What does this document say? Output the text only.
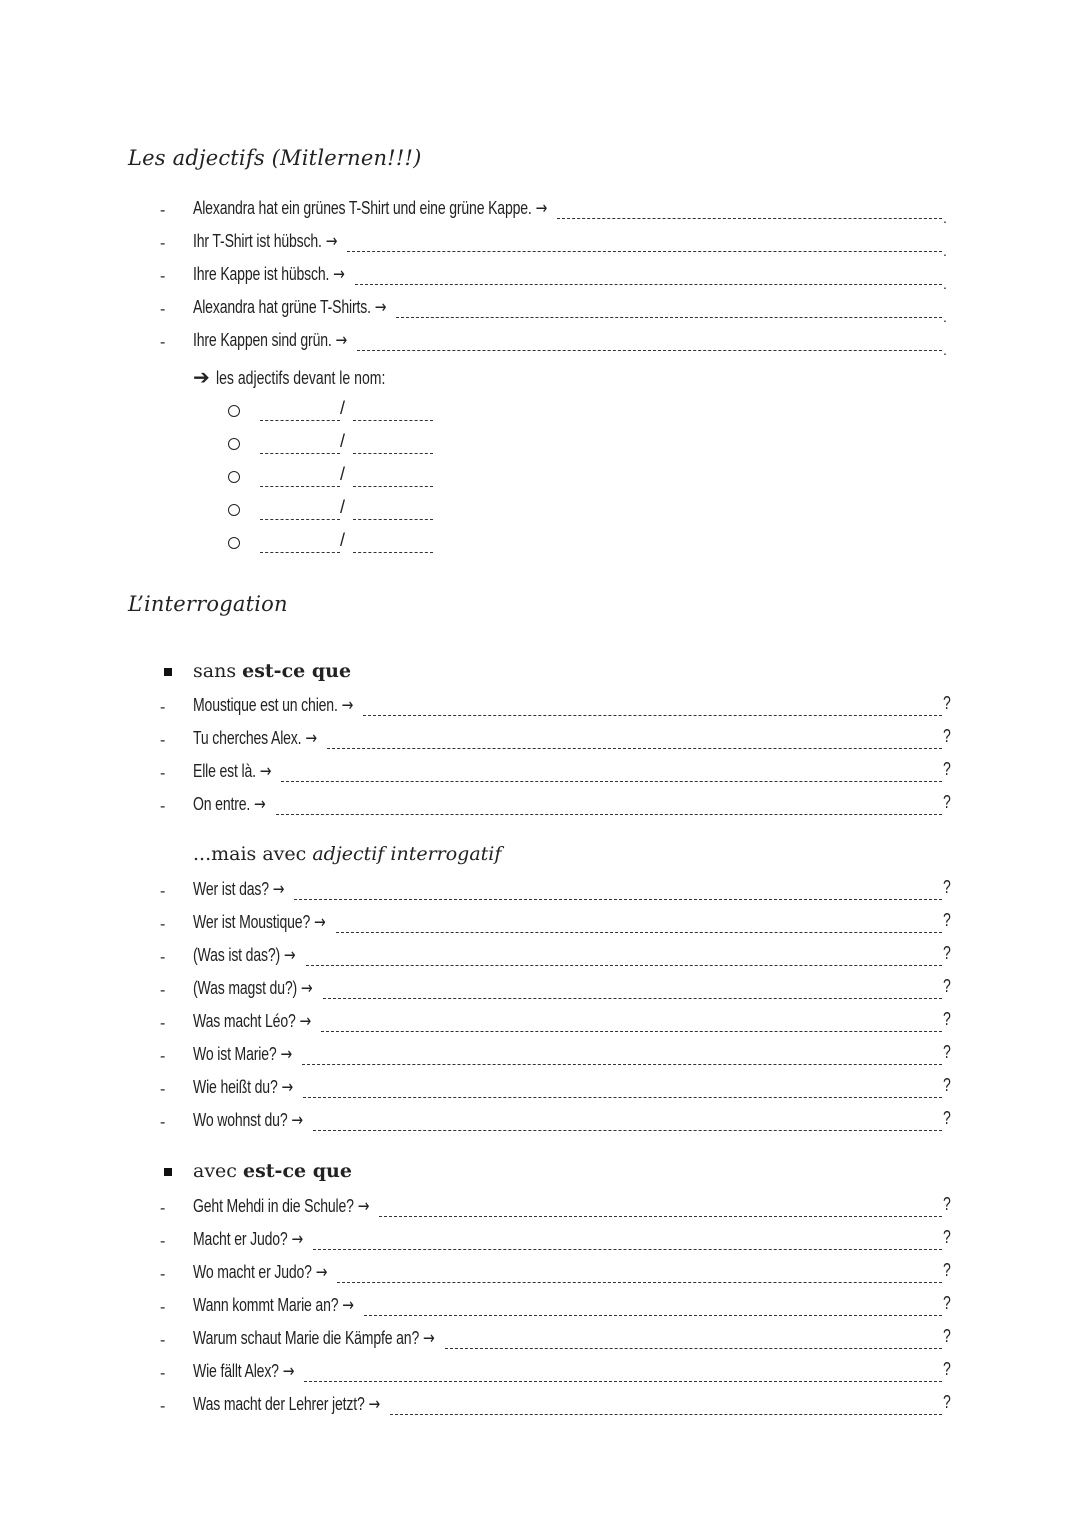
Les adjectifs (Mitlernen!!!)
- Alexandra hat ein grünes T-Shirt und eine grüne Kappe. →	.
- Ihr T-Shirt ist hübsch. →	.
- Ihre Kappe ist hübsch. →	.
- Alexandra hat grüne T-Shirts. →	.
- Ihre Kappen sind grün. →	.
➔ les adjectifs devant le nom:
/
/
/
/
/
L’interrogation
sans est-ce que
- Moustique est un chien. →	?
- Tu cherches Alex. →	?
- Elle est là. →	?
- On entre. →	?
...mais avec adjectif interrogatif
- Wer ist das? →	?
- Wer ist Moustique? →	?
- (Was ist das?) →	?
- (Was magst du?) →	?
- Was macht Léo? →	?
- Wo ist Marie? →	?
- Wie heißt du? →	?
- Wo wohnst du? →	?
avec est-ce que
- Geht Mehdi in die Schule? →	?
- Macht er Judo? →	?
- Wo macht er Judo? →	?
- Wann kommt Marie an? →	?
- Warum schaut Marie die Kämpfe an? →	?
- Wie fällt Alex? →	?
- Was macht der Lehrer jetzt? →	?
